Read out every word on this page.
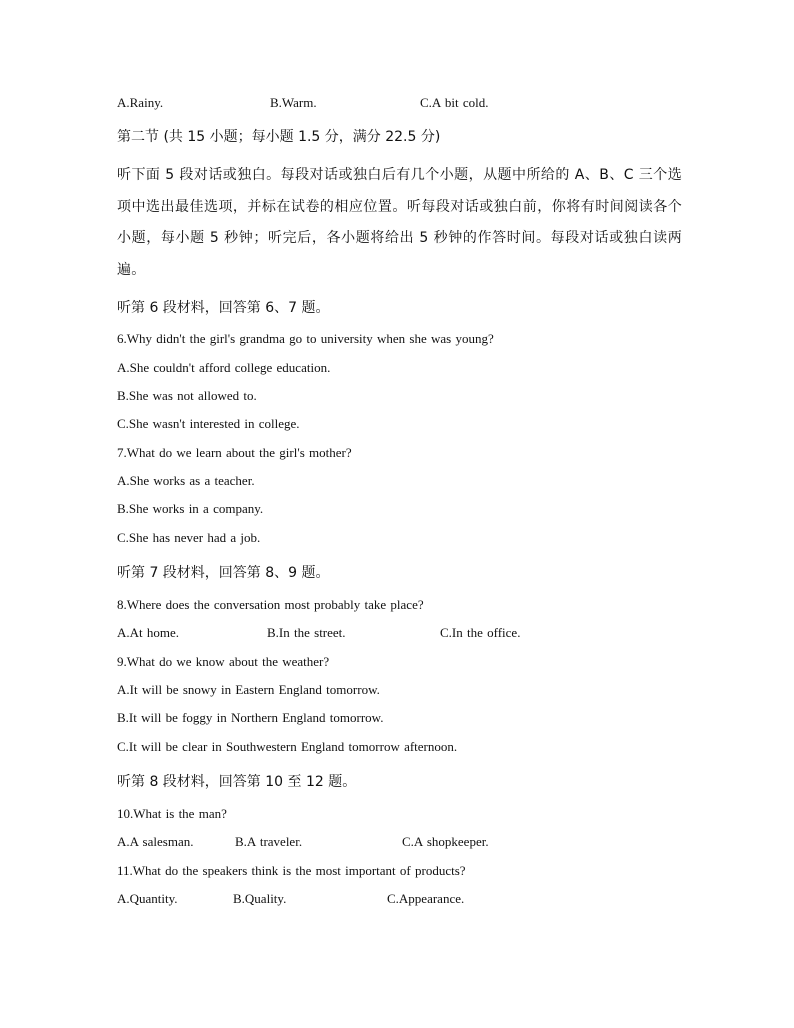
A.Rainy.	B.Warm.	C.A bit cold.
第二节 (共 15 小题；每小题 1.5 分，满分 22.5 分)
听下面 5 段对话或独白。每段对话或独白后有几个小题，从题中所给的 A、B、C 三个选项中选出最佳选项，并标在试卷的相应位置。听每段对话或独白前，你将有时间阅读各个小题，每小题 5 秒钟；听完后，各小题将给出 5 秒钟的作答时间。每段对话或独白读两遍。
听第 6 段材料，回答第 6、7 题。
6.Why didn't the girl's grandma go to university when she was young?
A.She couldn't afford college education.
B.She was not allowed to.
C.She wasn't interested in college.
7.What do we learn about the girl's mother?
A.She works as a teacher.
B.She works in a company.
C.She has never had a job.
听第 7 段材料，回答第 8、9 题。
8.Where does the conversation most probably take place?
A.At home.	B.In the street.	C.In the office.
9.What do we know about the weather?
A.It will be snowy in Eastern England tomorrow.
B.It will be foggy in Northern England tomorrow.
C.It will be clear in Southwestern England tomorrow afternoon.
听第 8 段材料，回答第 10 至 12 题。
10.What is the man?
A.A salesman.	B.A traveler.	C.A shopkeeper.
11.What do the speakers think is the most important of products?
A.Quantity.	B.Quality.	C.Appearance.
